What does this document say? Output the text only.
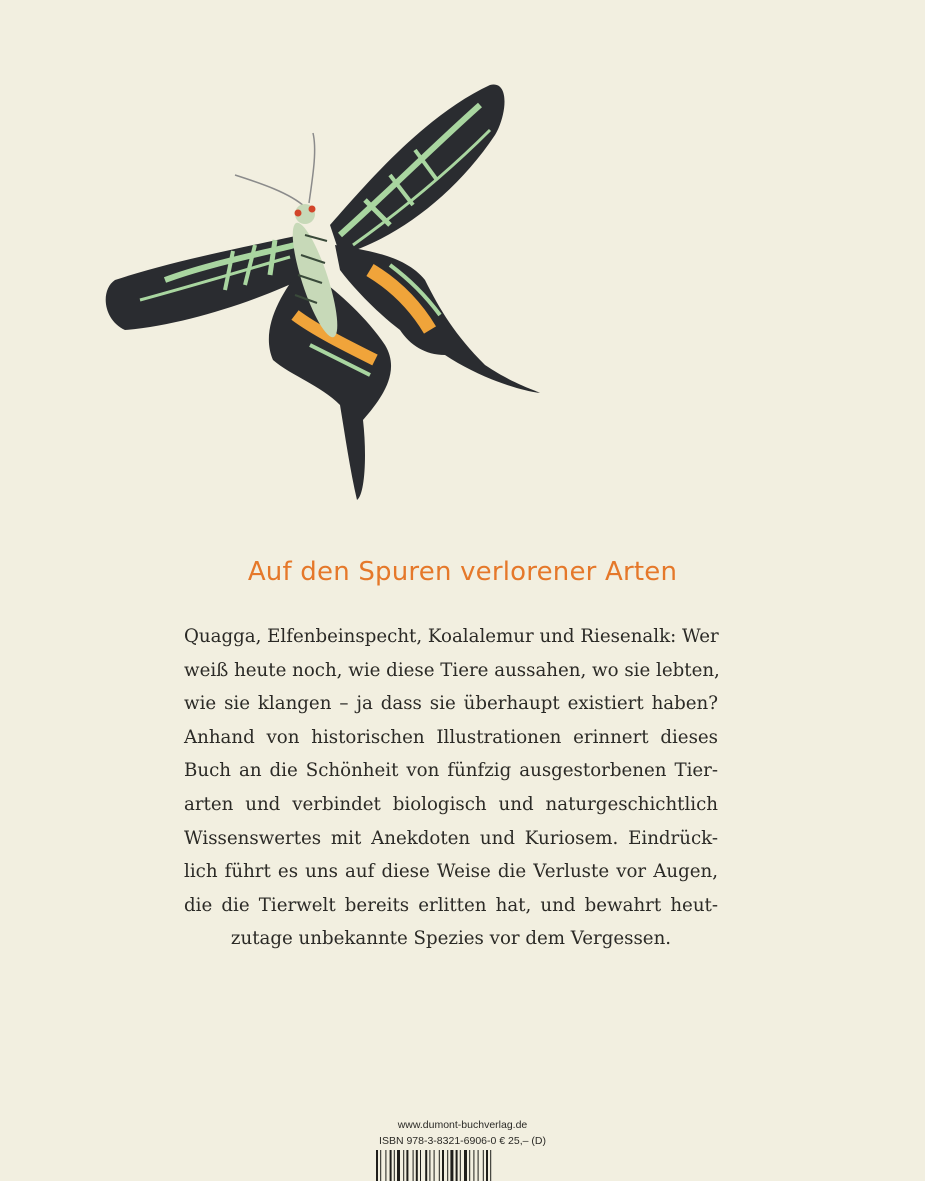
Auf den Spuren verlorener Arten
Quagga, Elfenbeinspecht, Koalalemur und Riesenalk: Wer
weiß heute noch, wie diese Tiere aussahen, wo sie lebten,
wie sie klangen – ja dass sie überhaupt existiert haben?
Anhand von historischen Illustrationen erinnert dieses
Buch an die Schönheit von fünfzig ausgestorbenen Tier-
arten und verbindet biologisch und naturgeschichtlich
Wissenswertes mit Anekdoten und Kuriosem. Eindrück-
lich führt es uns auf diese Weise die Verluste vor Augen,
die die Tierwelt bereits erlitten hat, und bewahrt heut-
zutage unbekannte Spezies vor dem Vergessen.
www.dumont-buchverlag.de
ISBN 978-3-8321-6906-0 € 25,– (D)
